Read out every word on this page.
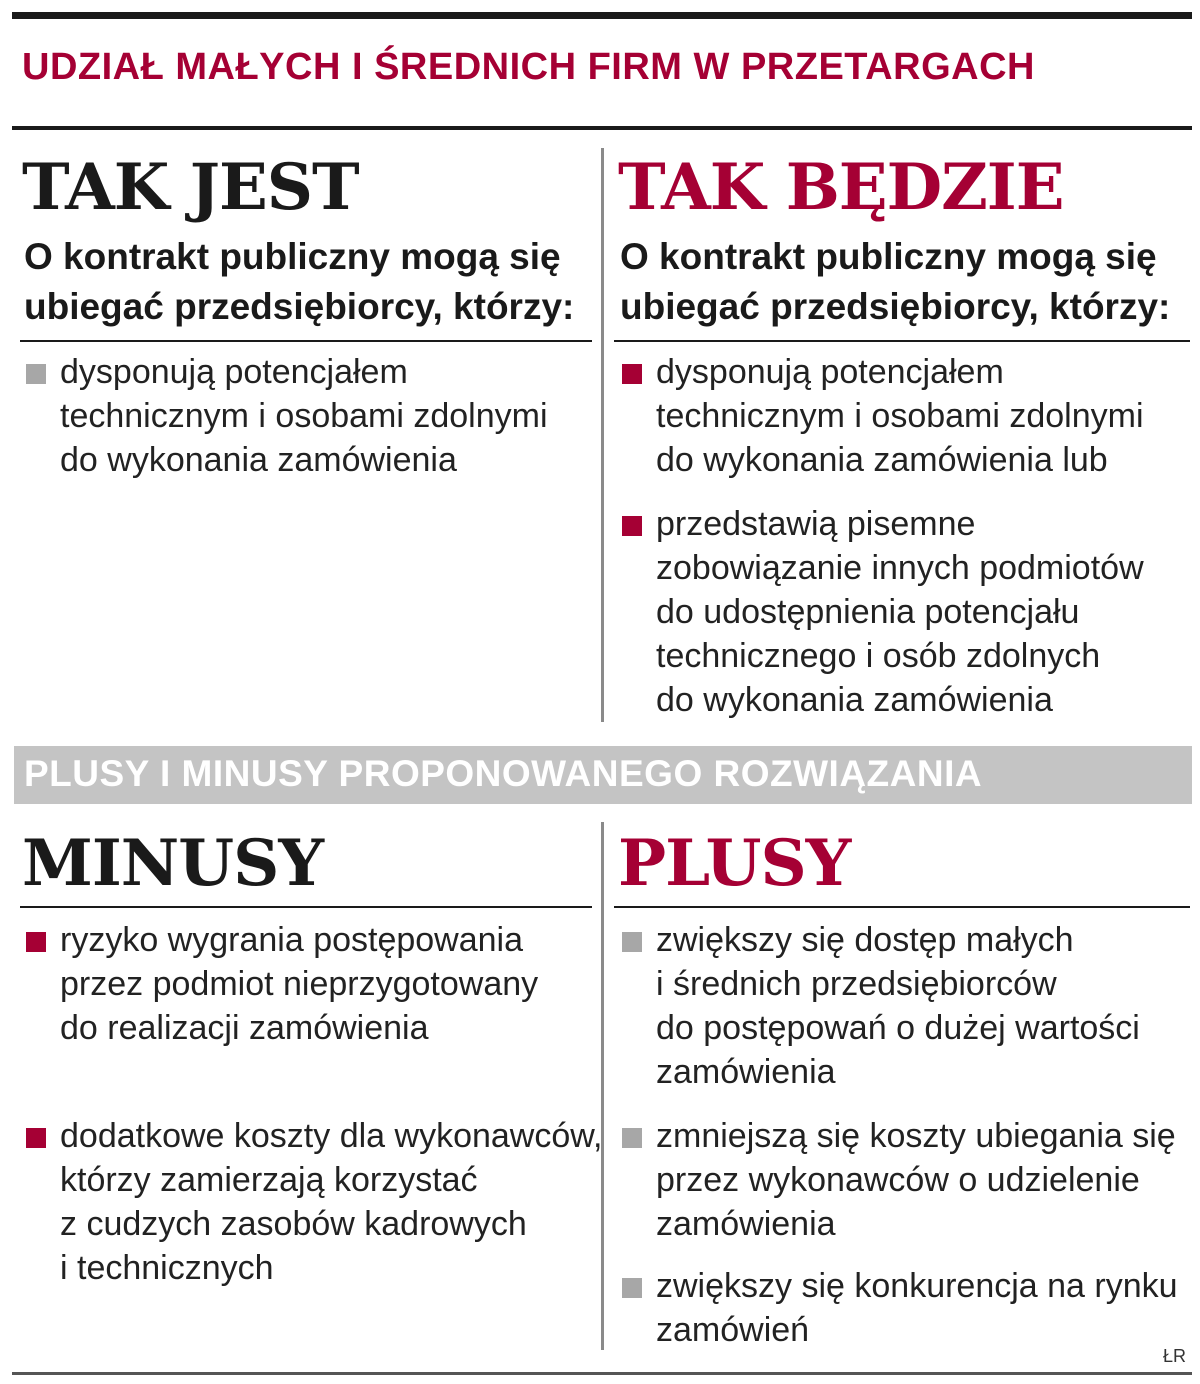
UDZIAŁ MAŁYCH I ŚREDNICH FIRM W PRZETARGACH
TAK JEST
O kontrakt publiczny mogą się
ubiegać przedsiębiorcy, którzy:
dysponują potencjałem
technicznym i osobami zdolnymi
do wykonania zamówienia
TAK BĘDZIE
O kontrakt publiczny mogą się
ubiegać przedsiębiorcy, którzy:
dysponują potencjałem
technicznym i osobami zdolnymi
do wykonania zamówienia lub
przedstawią pisemne
zobowiązanie innych podmiotów
do udostępnienia potencjału
technicznego i osób zdolnych
do wykonania zamówienia
PLUSY I MINUSY PROPONOWANEGO ROZWIĄZANIA
MINUSY
ryzyko wygrania postępowania
przez podmiot nieprzygotowany
do realizacji zamówienia
dodatkowe koszty dla wykonawców,
którzy zamierzają korzystać
z cudzych zasobów kadrowych
i technicznych
PLUSY
zwiększy się dostęp małych
i średnich przedsiębiorców
do postępowań o dużej wartości
zamówienia
zmniejszą się koszty ubiegania się
przez wykonawców o udzielenie
zamówienia
zwiększy się konkurencja na rynku
zamówień
ŁR
